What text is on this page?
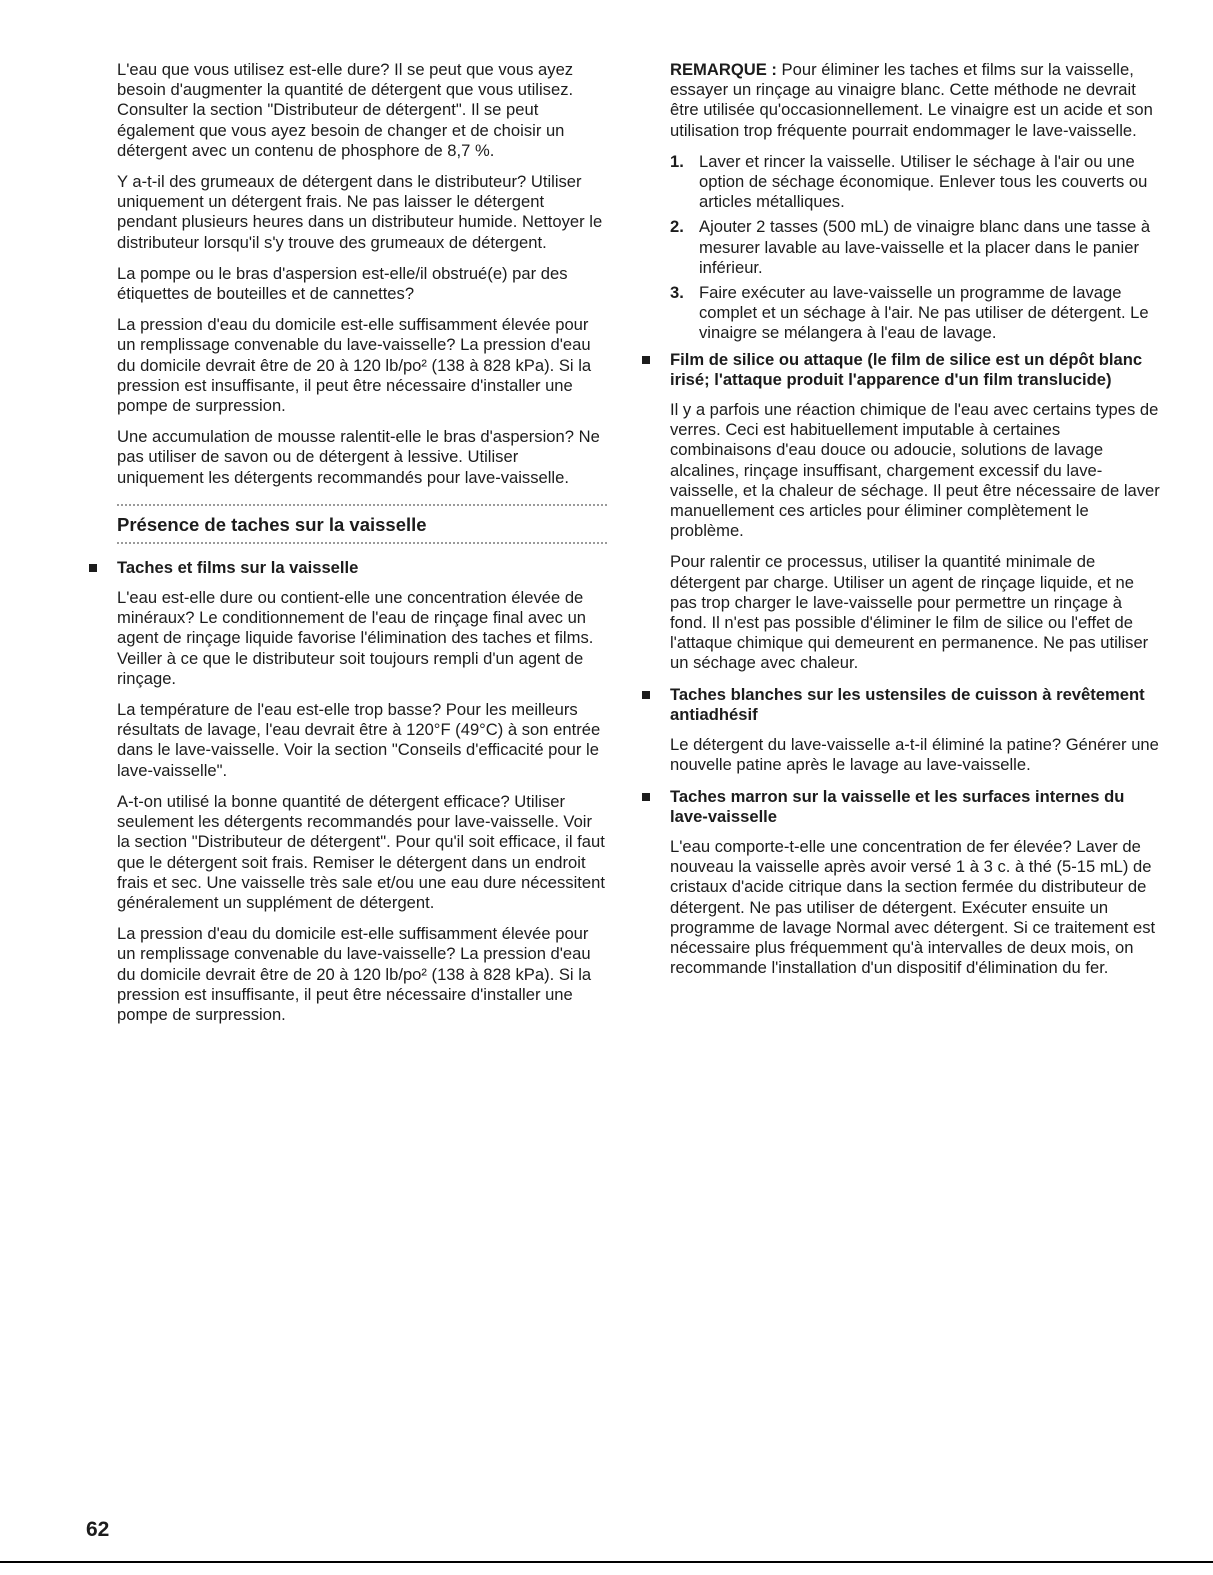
L'eau que vous utilisez est-elle dure? Il se peut que vous ayez besoin d'augmenter la quantité de détergent que vous utilisez. Consulter la section "Distributeur de détergent". Il se peut également que vous ayez besoin de changer et de choisir un détergent avec un contenu de phosphore de 8,7 %.

Y a-t-il des grumeaux de détergent dans le distributeur? Utiliser uniquement un détergent frais. Ne pas laisser le détergent pendant plusieurs heures dans un distributeur humide. Nettoyer le distributeur lorsqu'il s'y trouve des grumeaux de détergent.

La pompe ou le bras d'aspersion est-elle/il obstrué(e) par des étiquettes de bouteilles et de cannettes?

La pression d'eau du domicile est-elle suffisamment élevée pour un remplissage convenable du lave-vaisselle? La pression d'eau du domicile devrait être de 20 à 120 lb/po² (138 à 828 kPa). Si la pression est insuffisante, il peut être nécessaire d'installer une pompe de surpression.

Une accumulation de mousse ralentit-elle le bras d'aspersion? Ne pas utiliser de savon ou de détergent à lessive. Utiliser uniquement les détergents recommandés pour lave-vaisselle.

Présence de taches sur la vaisselle
Taches et films sur la vaisselle

L'eau est-elle dure ou contient-elle une concentration élevée de minéraux? Le conditionnement de l'eau de rinçage final avec un agent de rinçage liquide favorise l'élimination des taches et films. Veiller à ce que le distributeur soit toujours rempli d'un agent de rinçage.

La température de l'eau est-elle trop basse? Pour les meilleurs résultats de lavage, l'eau devrait être à 120°F (49°C) à son entrée dans le lave-vaisselle. Voir la section "Conseils d'efficacité pour le lave-vaisselle".

A-t-on utilisé la bonne quantité de détergent efficace? Utiliser seulement les détergents recommandés pour lave-vaisselle. Voir la section "Distributeur de détergent". Pour qu'il soit efficace, il faut que le détergent soit frais. Remiser le détergent dans un endroit frais et sec. Une vaisselle très sale et/ou une eau dure nécessitent généralement un supplément de détergent.

La pression d'eau du domicile est-elle suffisamment élevée pour un remplissage convenable du lave-vaisselle? La pression d'eau du domicile devrait être de 20 à 120 lb/po² (138 à 828 kPa). Si la pression est insuffisante, il peut être nécessaire d'installer une pompe de surpression.

REMARQUE : Pour éliminer les taches et films sur la vaisselle, essayer un rinçage au vinaigre blanc. Cette méthode ne devrait être utilisée qu'occasionnellement. Le vinaigre est un acide et son utilisation trop fréquente pourrait endommager le lave-vaisselle.

1. Laver et rincer la vaisselle. Utiliser le séchage à l'air ou une option de séchage économique. Enlever tous les couverts ou articles métalliques.
2. Ajouter 2 tasses (500 mL) de vinaigre blanc dans une tasse à mesurer lavable au lave-vaisselle et la placer dans le panier inférieur.
3. Faire exécuter au lave-vaisselle un programme de lavage complet et un séchage à l'air. Ne pas utiliser de détergent. Le vinaigre se mélangera à l'eau de lavage.
Film de silice ou attaque (le film de silice est un dépôt blanc irisé; l'attaque produit l'apparence d'un film translucide)

Il y a parfois une réaction chimique de l'eau avec certains types de verres. Ceci est habituellement imputable à certaines combinaisons d'eau douce ou adoucie, solutions de lavage alcalines, rinçage insuffisant, chargement excessif du lave-vaisselle, et la chaleur de séchage. Il peut être nécessaire de laver manuellement ces articles pour éliminer complètement le problème.

Pour ralentir ce processus, utiliser la quantité minimale de détergent par charge. Utiliser un agent de rinçage liquide, et ne pas trop charger le lave-vaisselle pour permettre un rinçage à fond. Il n'est pas possible d'éliminer le film de silice ou l'effet de l'attaque chimique qui demeurent en permanence. Ne pas utiliser un séchage avec chaleur.

Taches blanches sur les ustensiles de cuisson à revêtement antiadhésif

Le détergent du lave-vaisselle a-t-il éliminé la patine? Générer une nouvelle patine après le lavage au lave-vaisselle.

Taches marron sur la vaisselle et les surfaces internes du lave-vaisselle

L'eau comporte-t-elle une concentration de fer élevée? Laver de nouveau la vaisselle après avoir versé 1 à 3 c. à thé (5-15 mL) de cristaux d'acide citrique dans la section fermée du distributeur de détergent. Ne pas utiliser de détergent. Exécuter ensuite un programme de lavage Normal avec détergent. Si ce traitement est nécessaire plus fréquemment qu'à intervalles de deux mois, on recommande l'installation d'un dispositif d'élimination du fer.

62
